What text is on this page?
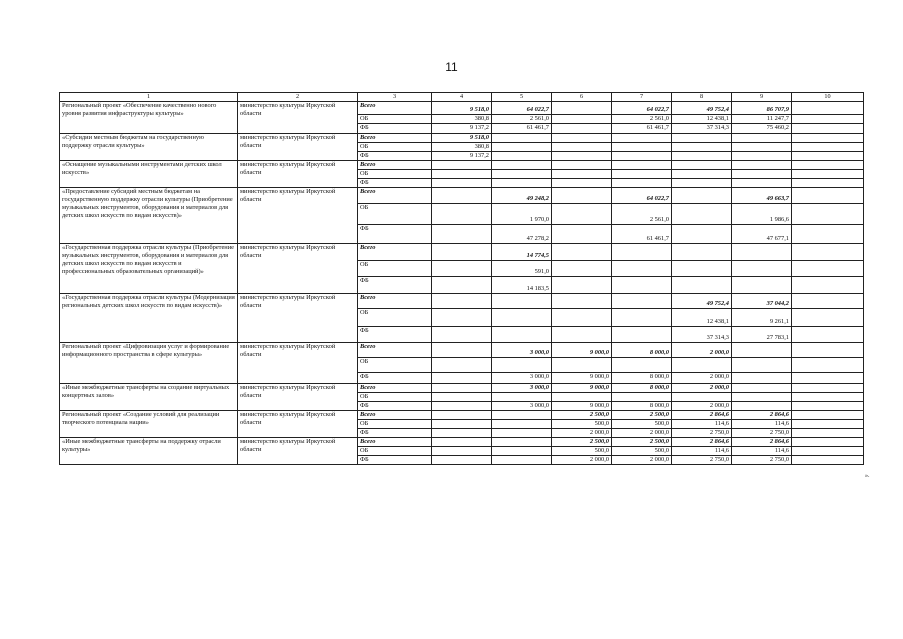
11
1	2	3	4	5	6	7	8	9	10
Региональный проект «Обеспечение качественно нового уровня развития инфраструктуры культуры»	министерство культуры Иркутской области	Всего	9 518,0	64 022,7		64 022,7	49 752,4	86 707,9	
		ОБ	380,8	2 561,0		2 561,0	12 438,1	11 247,7	
		ФБ	9 137,2	61 461,7		61 461,7	37 314,3	75 460,2	
«Субсидии местным бюджетам на государственную поддержку отрасли культуры»	министерство культуры Иркутской области	Всего	9 518,0						
		ОБ	380,8						
		ФБ	9 137,2						
«Оснащение музыкальными инструментами детских школ искусств»	министерство культуры Иркутской области	Всего							
		ОБ							
		ФБ							
«Предоставление субсидий местным бюджетам на государственную поддержку отрасли культуры (Приобретение музыкальных инструментов, оборудования и материалов для детских школ искусств по видам искусств)»	министерство культуры Иркутской области	Всего		49 248,2		64 022,7		49 663,7	
		ОБ		1 970,0		2 561,0		1 986,6	
		ФБ		47 278,2		61 461,7		47 677,1	
«Государственная поддержка отрасли культуры (Приобретение музыкальных инструментов, оборудования и материалов для детских школ искусств по видам искусств и профессиональных образовательных организаций)»	министерство культуры Иркутской области	Всего		14 774,5					
		ОБ		591,0					
		ФБ		14 183,5					
«Государственная поддержка отрасли культуры (Модернизация региональных детских школ искусств по видам искусств)»	министерство культуры Иркутской области	Всего					49 752,4	37 044,2	
		ОБ					12 438,1	9 261,1	
		ФБ					37 314,3	27 783,1	
Региональный проект «Цифровизация услуг и формирование информационного пространства в сфере культуры»	министерство культуры Иркутской области	Всего		3 000,0	9 000,0	8 000,0	2 000,0		
		ОБ							
		ФБ		3 000,0	9 000,0	8 000,0	2 000,0		
«Иные межбюджетные трансферты на создание виртуальных концертных залов»	министерство культуры Иркутской области	Всего		3 000,0	9 000,0	8 000,0	2 000,0		
		ОБ							
		ФБ		3 000,0	9 000,0	8 000,0	2 000,0		
Региональный проект «Создание условий для реализации творческого потенциала нации»	министерство культуры Иркутской области	Всего			2 500,0	2 500,0	2 864,6	2 864,6	
		ОБ			500,0	500,0	114,6	114,6	
		ФБ			2 000,0	2 000,0	2 750,0	2 750,0	
«Иные межбюджетные трансферты на поддержку отрасли культуры»	министерство культуры Иркутской области	Всего			2 500,0	2 500,0	2 864,6	2 864,6	
		ОБ			500,0	500,0	114,6	114,6	
		ФБ			2 000,0	2 000,0	2 750,0	2 750,0	
».
